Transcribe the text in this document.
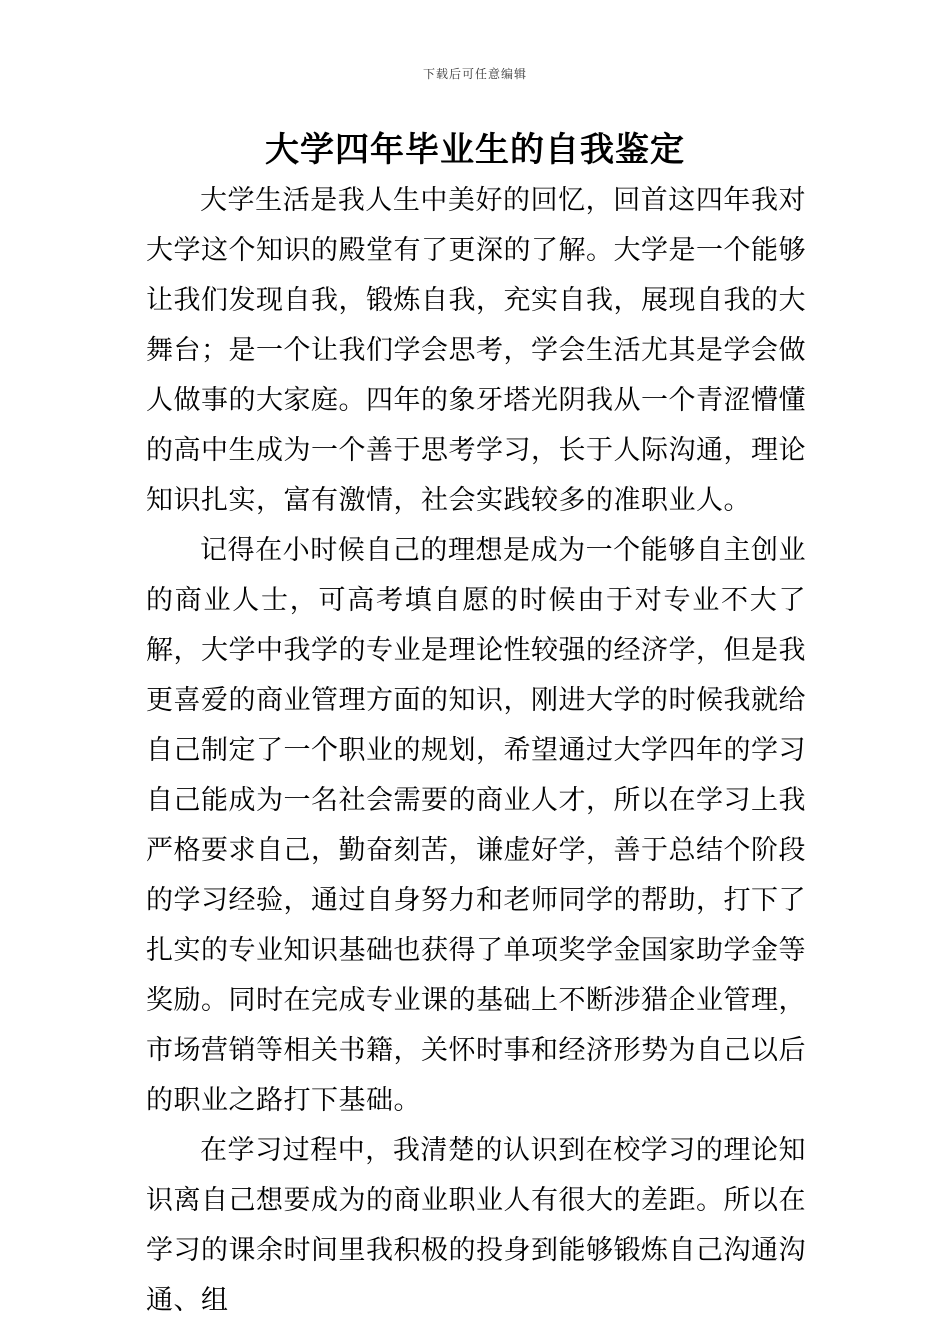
下载后可任意编辑
大学四年毕业生的自我鉴定

大学生活是我人生中美好的回忆，回首这四年我对大学这个知识的殿堂有了更深的了解。大学是一个能够让我们发现自我，锻炼自我，充实自我，展现自我的大舞台；是一个让我们学会思考，学会生活尤其是学会做人做事的大家庭。四年的象牙塔光阴我从一个青涩懵懂的高中生成为一个善于思考学习，长于人际沟通，理论知识扎实，富有激情，社会实践较多的准职业人。

记得在小时候自己的理想是成为一个能够自主创业的商业人士，可高考填自愿的时候由于对专业不大了解，大学中我学的专业是理论性较强的经济学，但是我更喜爱的商业管理方面的知识，刚进大学的时候我就给自己制定了一个职业的规划，希望通过大学四年的学习自己能成为一名社会需要的商业人才，所以在学习上我严格要求自己，勤奋刻苦，谦虚好学，善于总结个阶段的学习经验，通过自身努力和老师同学的帮助，打下了扎实的专业知识基础也获得了单项奖学金国家助学金等奖励。同时在完成专业课的基础上不断涉猎企业管理，市场营销等相关书籍，关怀时事和经济形势为自己以后的职业之路打下基础。

在学习过程中，我清楚的认识到在校学习的理论知识离自己想要成为的商业职业人有很大的差距。所以在学习的课余时间里我积极的投身到能够锻炼自己沟通沟通、组
